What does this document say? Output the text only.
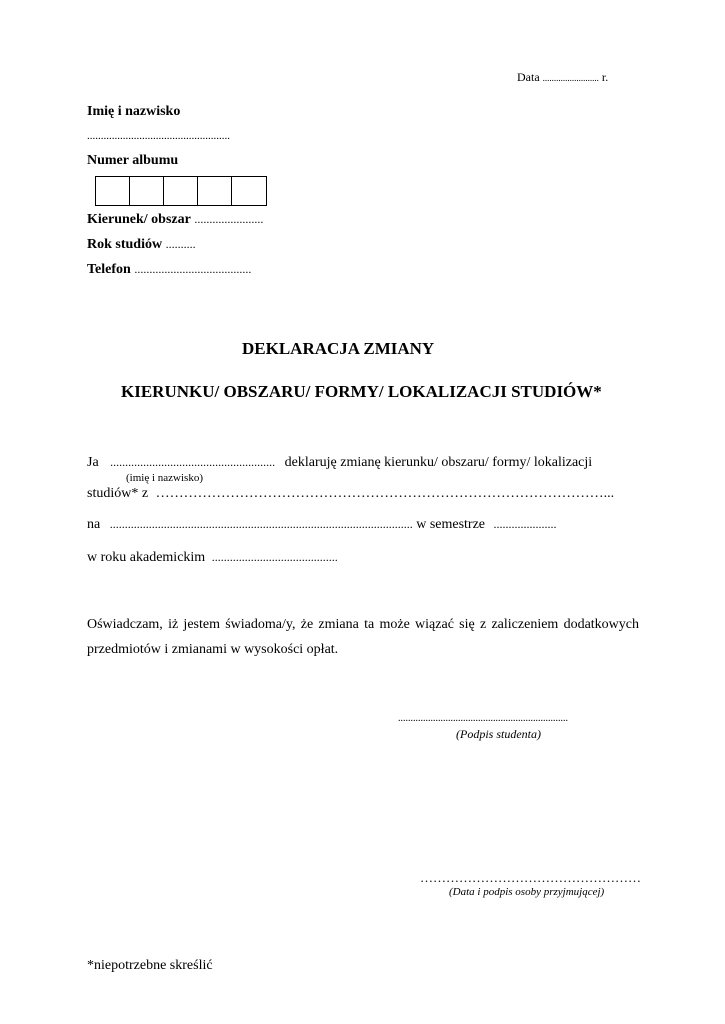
Data ......................... r.
Imię i nazwisko
....................................................
Numer albumu
Kierunek/ obszar .......................
Rok studiów ..........
Telefon .......................................
DEKLARACJA ZMIANY
KIERUNKU/ OBSZARU/ FORMY/ LOKALIZACJI STUDIÓW*
Ja ....................................................... deklaruję zmianę kierunku/ obszaru/ formy/ lokalizacji
(imię i nazwisko)
studiów* z ……………………………………………………………………………………...
na ..................................................................................................... w semestrze .....................
w roku akademickim ..........................................
Oświadczam, iż jestem świadoma/y, że zmiana ta może wiązać się z zaliczeniem dodatkowych przedmiotów i zmianami w wysokości opłat.
....................................................................
(Podpis studenta)
……………………………………………
(Data i podpis osoby przyjmującej)
*niepotrzebne skreślić
